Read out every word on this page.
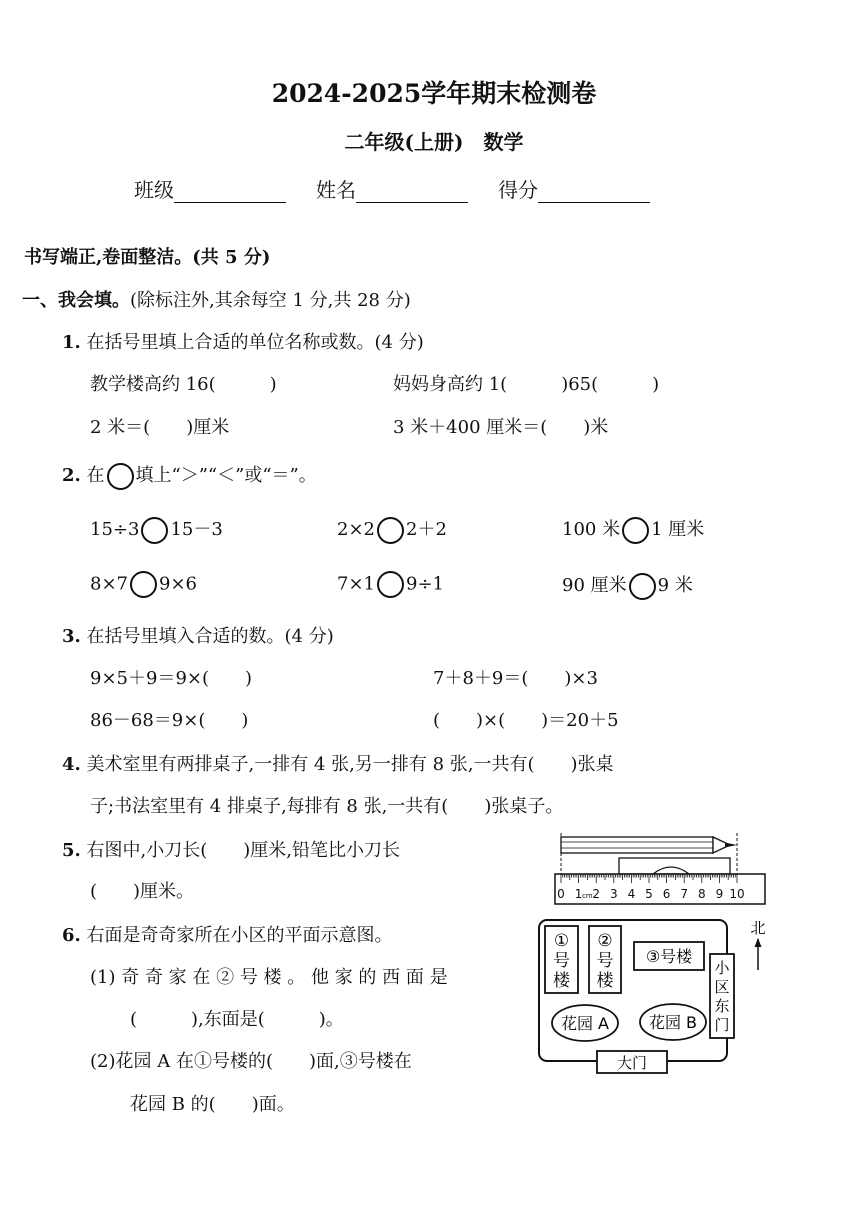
2024-2025学年期末检测卷
二年级(上册)　数学
班级	姓名	得分
书写端正,卷面整洁。(共 5 分)
一、我会填。(除标注外,其余每空 1 分,共 28 分)
1. 在括号里填上合适的单位名称或数。(4 分)
教学楼高约 16(　　　)	妈妈身高约 1(　　　)65(　　　)
2 米＝(　　)厘米	3 米＋400 厘米＝(　　)米
2. 在 填上“＞”“＜”或“＝”。
15÷3 15－3	2×2 2＋2	100 米 1 厘米
8×7 9×6	7×1 9÷1	90 厘米 9 米
3. 在括号里填入合适的数。(4 分)
9×5＋9＝9×(　　)	7＋8＋9＝(　　)×3
86－68＝9×(　　)	(　　)×(　　)＝20＋5
4. 美术室里有两排桌子,一排有 4 张,另一排有 8 张,一共有(　　)张桌
子;书法室里有 4 排桌子,每排有 8 张,一共有(　　)张桌子。
5. 右图中,小刀长(　　)厘米,铅笔比小刀长
(　　)厘米。	0 1 2 3 4 5 6 7 8 9 10
cm
6. 右面是奇奇家所在小区的平面示意图。
(1) 奇 奇 家 在 ② 号 楼 。 他 家 的 西 面 是
(　　　),东面是(　　　)。
(2)花园 A 在①号楼的(　　)面,③号楼在
花园 B 的(　　)面。
①
号
楼
②
号
楼
③号楼
小
区
东
门
花园 A 花园 B
大门
北
